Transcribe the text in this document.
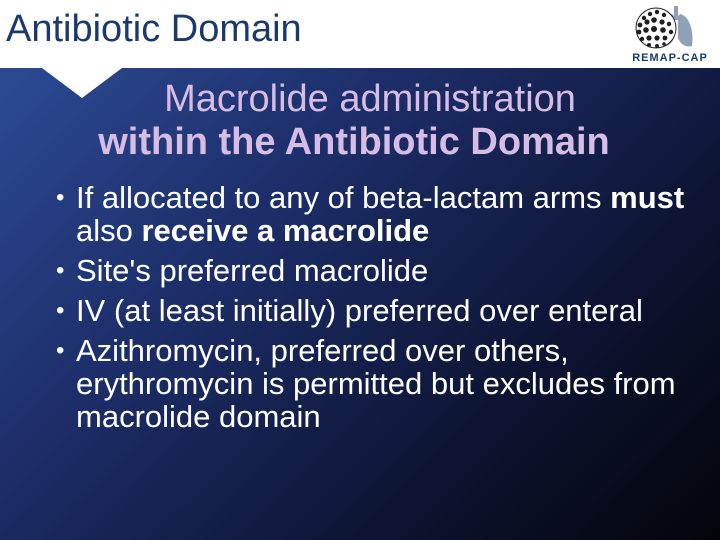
Antibiotic Domain
REMAP-CAP
Macrolide administration
within the Antibiotic Domain
• If allocated to any of beta-lactam arms must also receive a macrolide
• Site's preferred macrolide
• IV (at least initially) preferred over enteral
• Azithromycin, preferred over others, erythromycin is permitted but excludes from macrolide domain
